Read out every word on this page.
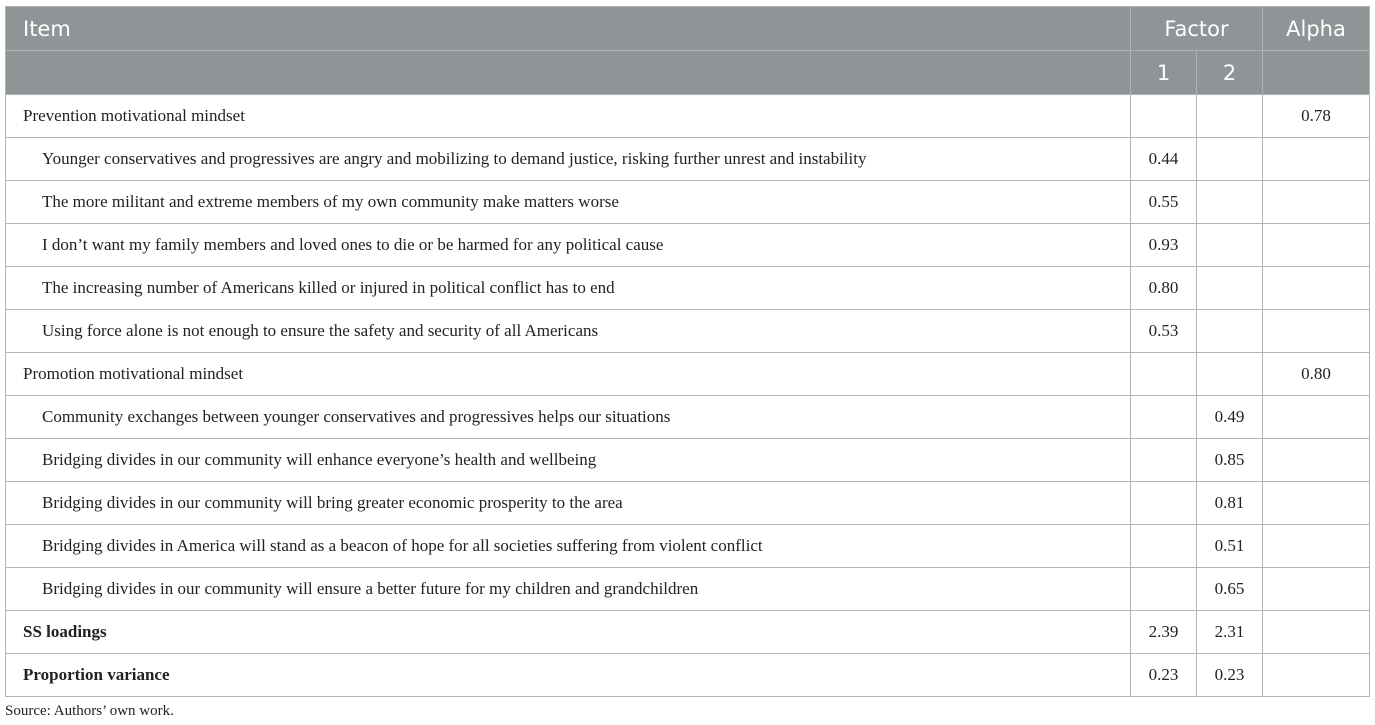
Item	Factor		Alpha
	1	2	
Prevention motivational mindset			0.78
Younger conservatives and progressives are angry and mobilizing to demand justice, risking further unrest and instability	0.44		
The more militant and extreme members of my own community make matters worse	0.55		
I don’t want my family members and loved ones to die or be harmed for any political cause	0.93		
The increasing number of Americans killed or injured in political conflict has to end	0.80		
Using force alone is not enough to ensure the safety and security of all Americans	0.53		
Promotion motivational mindset			0.80
Community exchanges between younger conservatives and progressives helps our situations		0.49	
Bridging divides in our community will enhance everyone’s health and wellbeing		0.85	
Bridging divides in our community will bring greater economic prosperity to the area		0.81	
Bridging divides in America will stand as a beacon of hope for all societies suffering from violent conflict		0.51	
Bridging divides in our community will ensure a better future for my children and grandchildren		0.65	
SS loadings	2.39	2.31	
Proportion variance	0.23	0.23	
Source: Authors’ own work.
